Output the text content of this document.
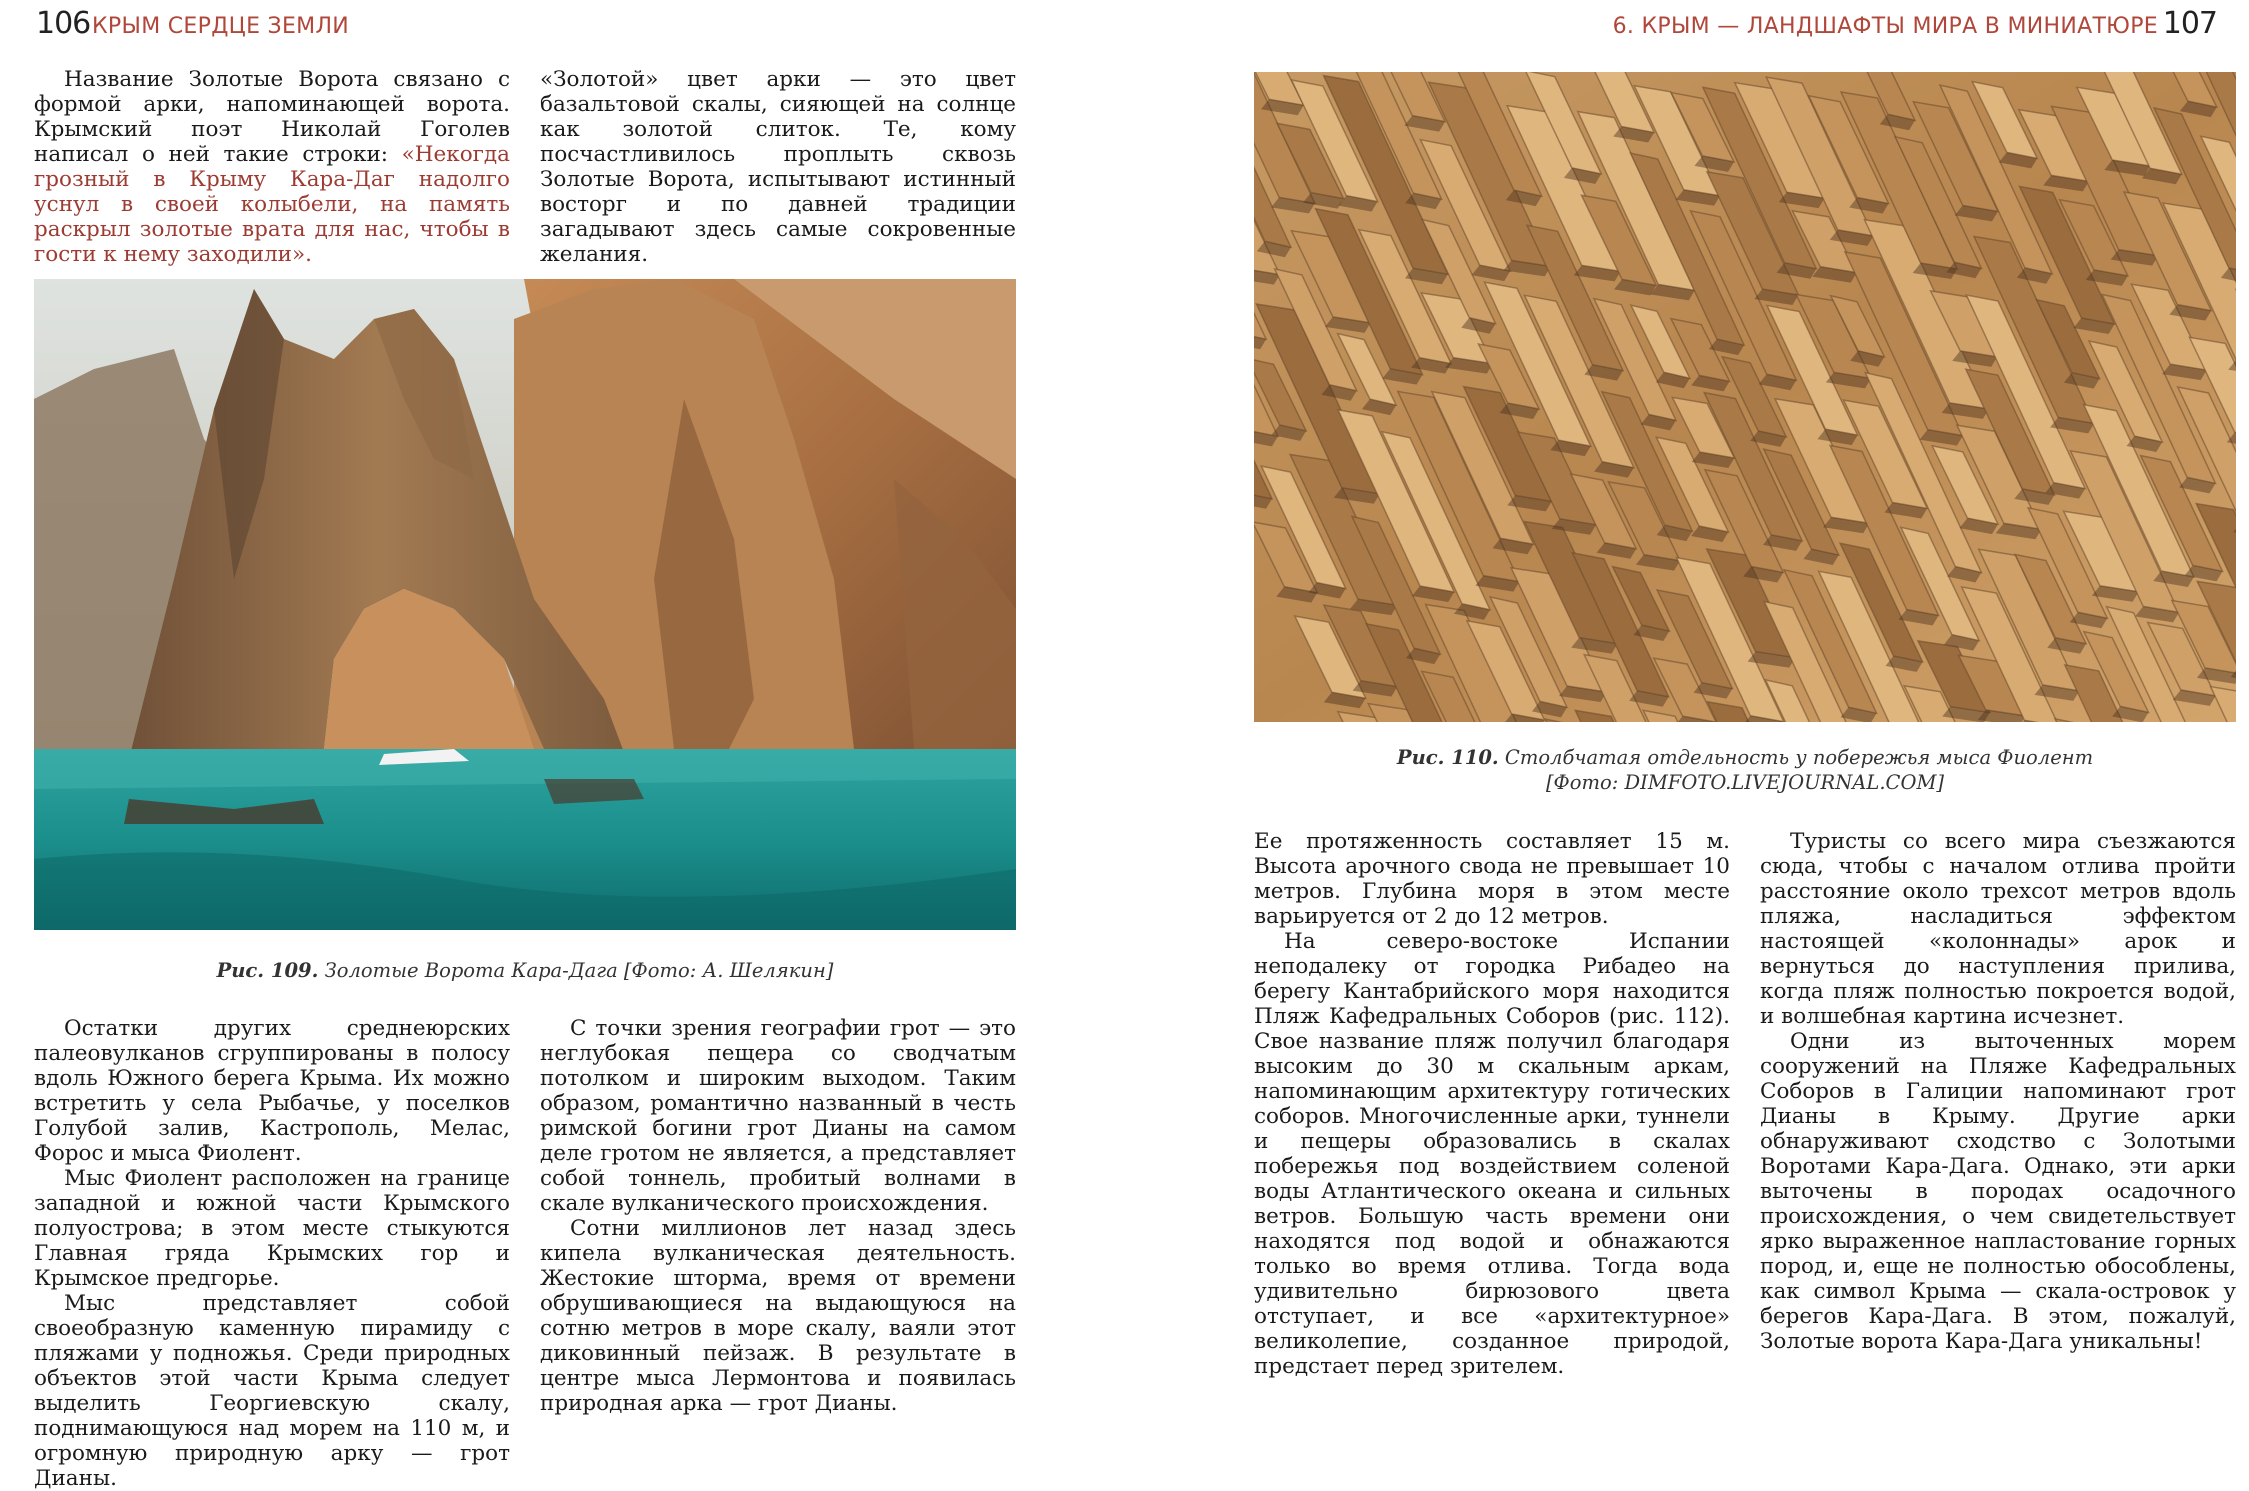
106 КРЫМ СЕРДЦЕ ЗЕМЛИ	6. КРЫМ — ЛАНДШАФТЫ МИРА В МИНИАТЮРЕ 107

Название Золотые Ворота связано с формой арки, напоминающей ворота. Крымский поэт Николай Гоголев написал о ней такие строки: «Некогда грозный в Крыму Кара-Даг надолго уснул в своей колыбели, на память раскрыл золотые врата для нас, чтобы в гости к нему заходили».

«Золотой» цвет арки — это цвет базальтовой скалы, сияющей на солнце как золотой слиток. Те, кому посчастливилось проплыть сквозь Золотые Ворота, испытывают истинный восторг и по давней традиции загадывают здесь самые сокровенные желания.

Рис. 109. Золотые Ворота Кара-Дага [Фото: А. Шелякин]

Остатки других среднеюрских палеовулканов сгруппированы в полосу вдоль Южного берега Крыма. Их можно встретить у села Рыбачье, у поселков Голубой залив, Кастрополь, Мелас, Форос и мыса Фиолент.

Мыс Фиолент расположен на границе западной и южной части Крымского полуострова; в этом месте стыкуются Главная гряда Крымских гор и Крымское предгорье.

Мыс представляет собой своеобразную каменную пирамиду с пляжами у подножья. Среди природных объектов этой части Крыма следует выделить Георгиевскую скалу, поднимающуюся над морем на 110 м, и огромную природную арку — грот Дианы.

С точки зрения географии грот — это неглубокая пещера со сводчатым потолком и широким выходом. Таким образом, романтично названный в честь римской богини грот Дианы на самом деле гротом не является, а представляет собой тоннель, пробитый волнами в скале вулканического происхождения.

Сотни миллионов лет назад здесь кипела вулканическая деятельность. Жестокие шторма, время от времени обрушивающиеся на выдающуюся на сотню метров в море скалу, ваяли этот диковинный пейзаж. В результате в центре мыса Лермонтова и появилась природная арка — грот Дианы.

Рис. 110. Столбчатая отдельность у побережья мыса Фиолент
[Фото: DIMFOTO.LIVEJOURNAL.COM]

Ее протяженность составляет 15 м. Высота арочного свода не превышает 10 метров. Глубина моря в этом месте варьируется от 2 до 12 метров.

На северо-востоке Испании неподалеку от городка Рибадео на берегу Кантабрийского моря находится Пляж Кафедральных Соборов (рис. 112). Свое название пляж получил благодаря высоким до 30 м скальным аркам, напоминающим архитектуру готических соборов. Многочисленные арки, туннели и пещеры образовались в скалах побережья под воздействием соленой воды Атлантического океана и сильных ветров. Большую часть времени они находятся под водой и обнажаются только во время отлива. Тогда вода удивительно бирюзового цвета отступает, и все «архитектурное» великолепие, созданное природой, предстает перед зрителем.

Туристы со всего мира съезжаются сюда, чтобы с началом отлива пройти расстояние около трехсот метров вдоль пляжа, насладиться эффектом настоящей «колоннады» арок и вернуться до наступления прилива, когда пляж полностью покроется водой, и волшебная картина исчезнет.

Одни из выточенных морем сооружений на Пляже Кафедральных Соборов в Галиции напоминают грот Дианы в Крыму. Другие арки обнаруживают сходство с Золотыми Воротами Кара-Дага. Однако, эти арки выточены в породах осадочного происхождения, о чем свидетельствует ярко выраженное напластование горных пород, и, еще не полностью обособлены, как символ Крыма — скала-островок у берегов Кара-Дага. В этом, пожалуй, Золотые ворота Кара-Дага уникальны!
